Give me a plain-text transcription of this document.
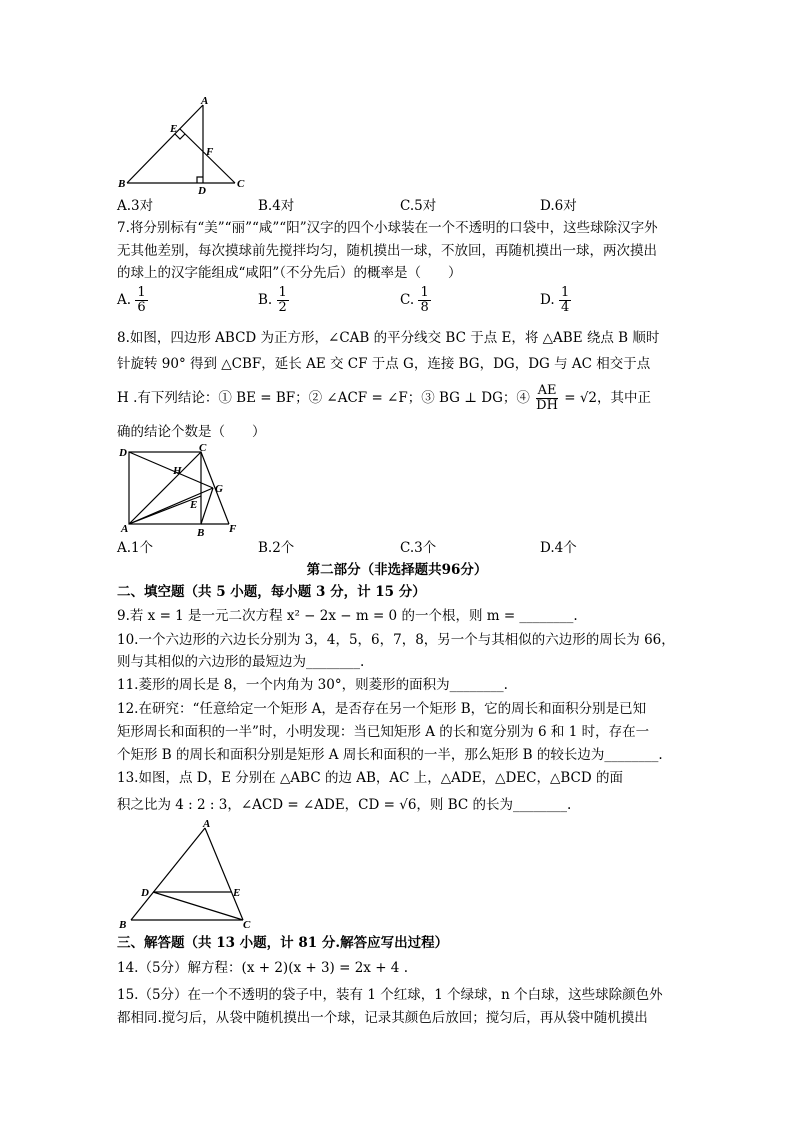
A
E
F
B
D
C
A.3对	B.4对	C.5对	D.6对
7.将分别标有“美”“丽”“咸”“阳”汉字的四个小球装在一个不透明的口袋中，这些球除汉字外
无其他差别，每次摸球前先搅拌均匀，随机摸出一球，不放回，再随机摸出一球，两次摸出
的球上的汉字能组成“咸阳”（不分先后）的概率是（　　）
A. $\frac{1}{6}$	B. $\frac{1}{2}$	C. $\frac{1}{8}$	D. $\frac{1}{4}$
8.如图，四边形 ABCD 为正方形，∠CAB 的平分线交 BC 于点 E，将 △ABE 绕点 B 顺时
针旋转 90° 得到 △CBF，延长 AE 交 CF 于点 G，连接 BG，DG，DG 与 AC 相交于点
H .有下列结论：① BE = BF；② ∠ACF = ∠F；③ BG ⊥ DG；④ $\frac{AE}{DH} = √2$，其中正
确的结论个数是（　　）
D	C
H
G
E
A	B F
A.1个	B.2个	C.3个	D.4个
第二部分（非选择题共96分）
二、填空题（共 5 小题，每小题 3 分，计 15 分）
9.若 x = 1 是一元二次方程 x² − 2x − m = 0 的一个根，则 m = ________.
10.一个六边形的六边长分别为 3，4，5，6，7，8，另一个与其相似的六边形的周长为 66，
则与其相似的六边形的最短边为________.
11.菱形的周长是 8，一个内角为 30°，则菱形的面积为________.
12.在研究：“任意给定一个矩形 A，是否存在另一个矩形 B，它的周长和面积分别是已知
矩形周长和面积的一半”时，小明发现：当已知矩形 A 的长和宽分别为 6 和 1 时，存在一
个矩形 B 的周长和面积分别是矩形 A 周长和面积的一半，那么矩形 B 的较长边为________.
13.如图，点 D，E 分别在 △ABC 的边 AB，AC 上，△ADE，△DEC，△BCD 的面
积之比为 4 : 2 : 3，∠ACD = ∠ADE，CD = √6，则 BC 的长为________.
A
D	E
B	C
三、解答题（共 13 小题，计 81 分.解答应写出过程）
14.（5分）解方程：(x + 2)(x + 3) = 2x + 4 .
15.（5分）在一个不透明的袋子中，装有 1 个红球，1 个绿球，n 个白球，这些球除颜色外
都相同.搅匀后，从袋中随机摸出一个球，记录其颜色后放回；搅匀后，再从袋中随机摸出
